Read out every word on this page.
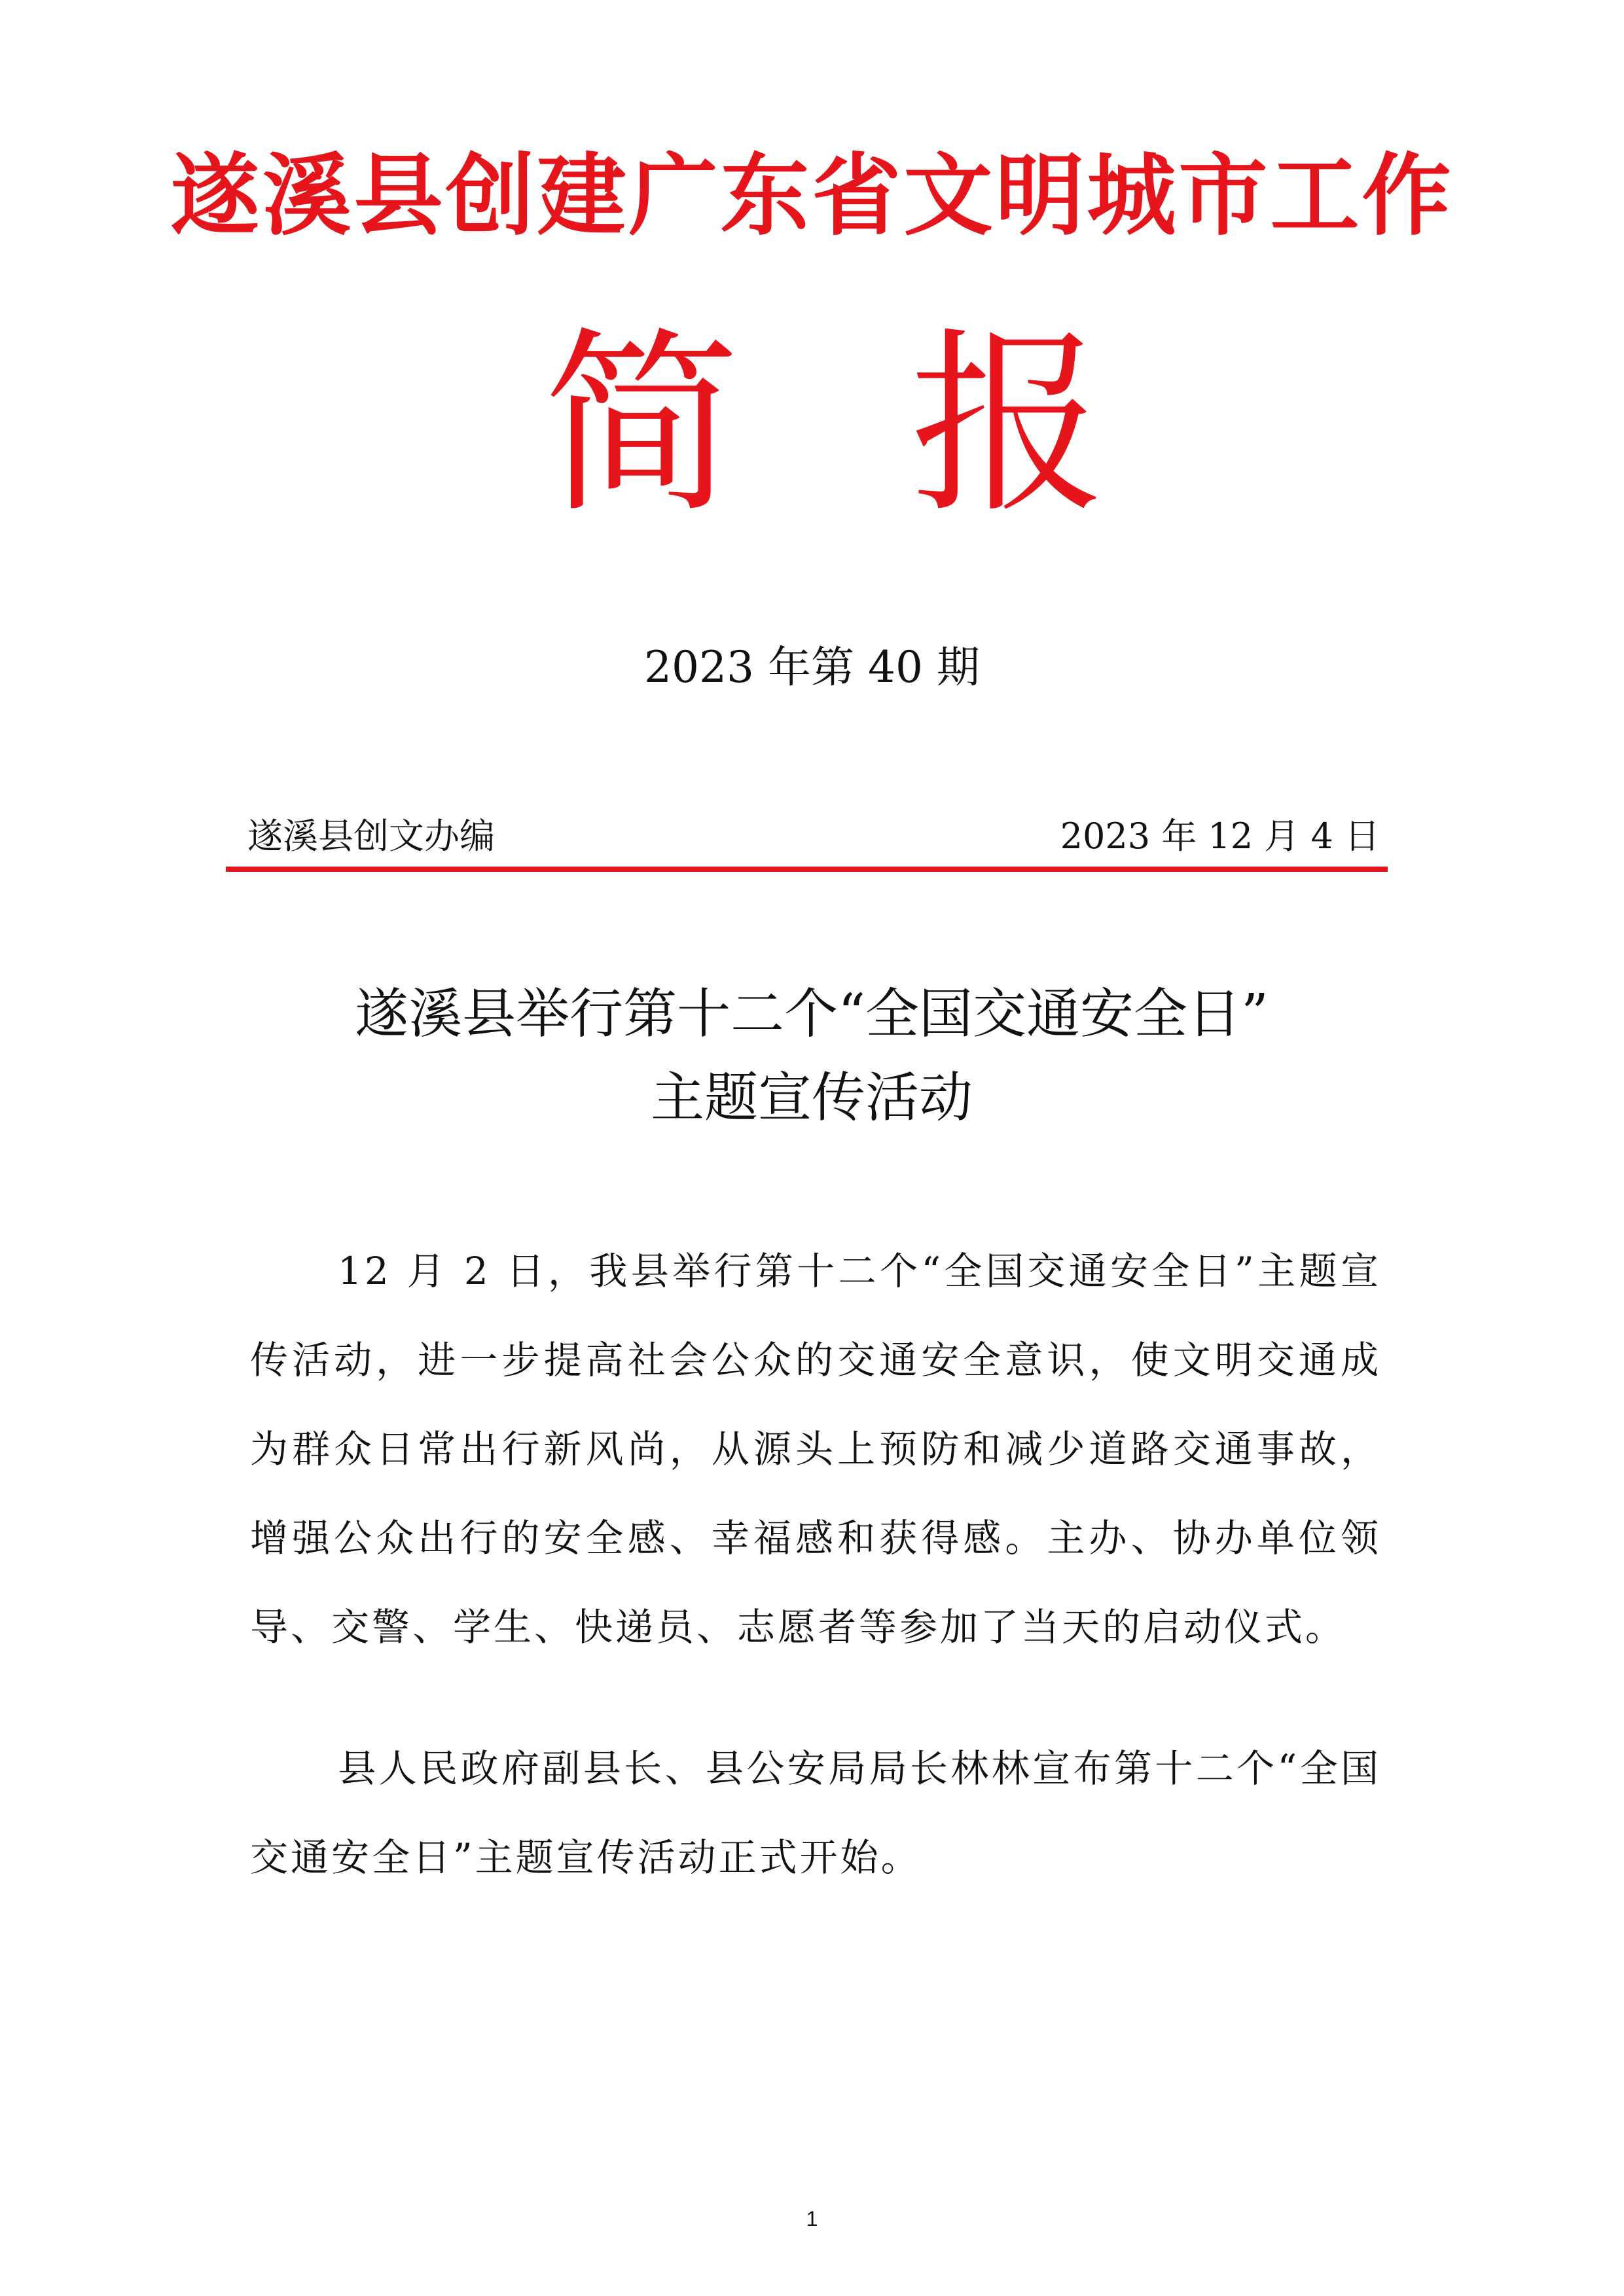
遂溪县创建广东省文明城市工作
简 报
2023 年第 40 期
遂溪县创文办编	2023 年 12 月 4 日
遂溪县举行第十二个“全国交通安全日”
主题宣传活动

12 月 2 日，我县举行第十二个“全国交通安全日”主题宣传活动，进一步提高社会公众的交通安全意识，使文明交通成为群众日常出行新风尚，从源头上预防和减少道路交通事故，增强公众出行的安全感、幸福感和获得感。主办、协办单位领导、交警、学生、快递员、志愿者等参加了当天的启动仪式。

县人民政府副县长、县公安局局长林林宣布第十二个“全国交通安全日”主题宣传活动正式开始。

1
